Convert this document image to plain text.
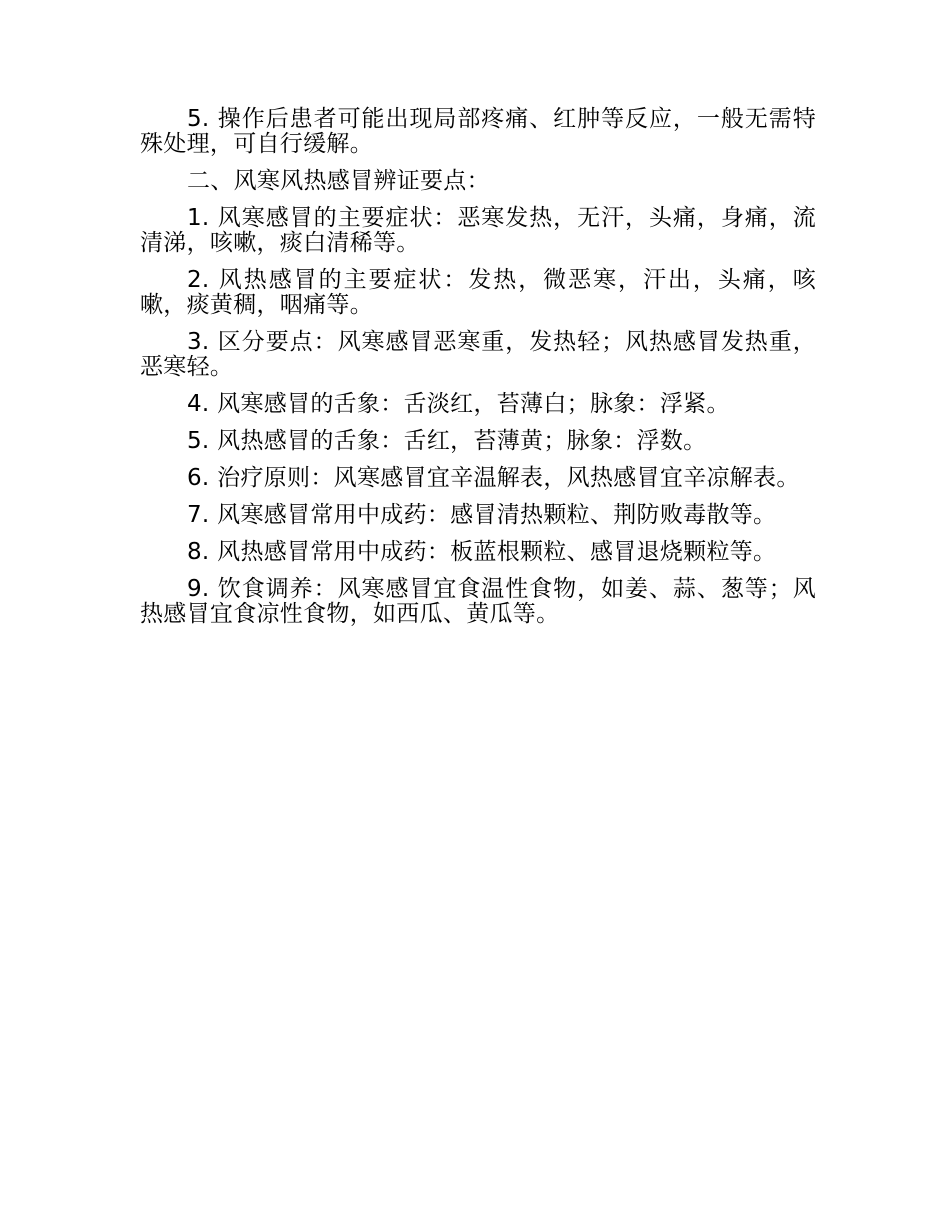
5. 操作后患者可能出现局部疼痛、红肿等反应，一般无需特殊处理，可自行缓解。

二、风寒风热感冒辨证要点：

1. 风寒感冒的主要症状：恶寒发热，无汗，头痛，身痛，流清涕，咳嗽，痰白清稀等。

2. 风热感冒的主要症状：发热，微恶寒，汗出，头痛，咳嗽，痰黄稠，咽痛等。

3. 区分要点：风寒感冒恶寒重，发热轻；风热感冒发热重，恶寒轻。

4. 风寒感冒的舌象：舌淡红，苔薄白；脉象：浮紧。

5. 风热感冒的舌象：舌红，苔薄黄；脉象：浮数。

6. 治疗原则：风寒感冒宜辛温解表，风热感冒宜辛凉解表。

7. 风寒感冒常用中成药：感冒清热颗粒、荆防败毒散等。

8. 风热感冒常用中成药：板蓝根颗粒、感冒退烧颗粒等。

9. 饮食调养：风寒感冒宜食温性食物，如姜、蒜、葱等；风热感冒宜食凉性食物，如西瓜、黄瓜等。
